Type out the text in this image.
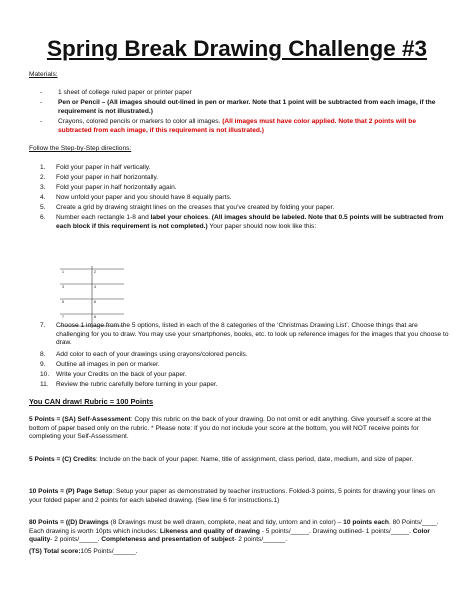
Spring Break Drawing Challenge #3
Materials:
-	1 sheet of college ruled paper or printer paper
-	Pen or Pencil – (All images should out-lined in pen or marker. Note that 1 point will be subtracted from each image, if the requirement is not illustrated.)
-	Crayons, colored pencils or markers to color all images. (All images must have color applied. Note that 2 points will be subtracted from each image, if this requirement is not illustrated.)
Follow the Step-by-Step directions:
1.	Fold your paper in half vertically.
2.	Fold your paper in half horizontally.
3.	Fold your paper in half horizontally again.
4.	Now unfold your paper and you should have 8 equally parts.
5.	Create a grid by drawing straight lines on the creases that you’ve created by folding your paper.
6.	Number each rectangle 1-8 and label your choices. (All images should be labeled. Note that 0.5 points will be subtracted from each block if this requirement is not completed.) Your paper should now look like this:
1	2
3	4
5	6
7	8
7.	Choose 1 image from the 5 options, listed in each of the 8 categories of the ‘Christmas Drawing List’. Choose things that are challenging for you to draw. You may use your smartphones, books, etc. to look up reference images for the images that you choose to draw.
8.	Add color to each of your drawings using crayons/colored pencils.
9.	Outline all images in pen or marker.
10.	Write your Credits on the back of your paper.
11.	Review the rubric carefully before turning in your paper.
You CAN draw! Rubric = 100 Points
5 Points = (SA) Self-Assessment: Copy this rubric on the back of your drawing. Do not omit or edit anything. Give yourself a score at the bottom of paper based only on the rubric. * Please note: If you do not include your score at the bottom, you will NOT receive points for completing your Self-Assessment.
5 Points = (C) Credits: Include on the back of your paper. Name, title of assignment, class period, date, medium, and size of paper.
10 Points = (P) Page Setup: Setup your paper as demonstrated by teacher instructions. Folded-3 points, 5 points for drawing your lines on your folded paper and 2 points for each labeled drawing. (See line 6 for instructions.1)
80 Points = ((D) Drawings (8 Drawings must be well drawn, complete, neat and tidy, untorn and in color) – 10 points each. 80 Points/____. Each drawing is worth 10pts which includes: Likeness and quality of drawing - 5 points/_____. Drawing outlined- 1 points/_____. Color quality- 2 points/_____. Completeness and presentation of subject- 2 points/______.
(TS) Total score:105 Points/______.
